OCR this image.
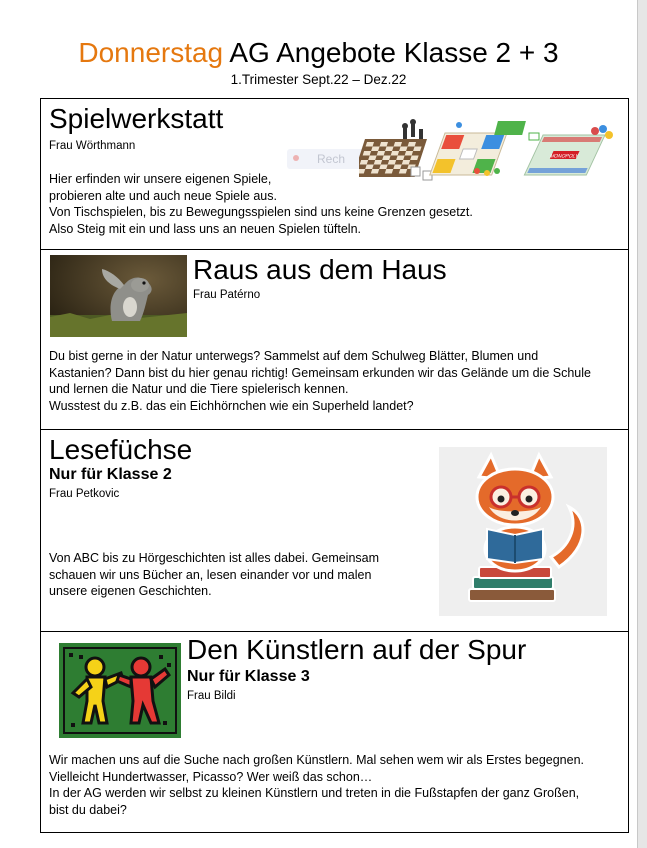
Donnerstag AG Angebote Klasse 2 + 3
1.Trimester Sept.22 – Dez.22
Spielwerkstatt
Frau Wörthmann
Rech	MONOPOLY
Hier erfinden wir unsere eigenen Spiele,
probieren alte und auch neue Spiele aus.
Von Tischspielen, bis zu Bewegungsspielen sind uns keine Grenzen gesetzt.
Also Steig mit ein und lass uns an neuen Spielen tüfteln.
Raus aus dem Haus
Frau Patérno
Du bist gerne in der Natur unterwegs? Sammelst auf dem Schulweg Blätter, Blumen und
Kastanien? Dann bist du hier genau richtig! Gemeinsam erkunden wir das Gelände um die Schule
und lernen die Natur und die Tiere spielerisch kennen.
Wusstest du z.B. das ein Eichhörnchen wie ein Superheld landet?
Lesefüchse
Nur für Klasse 2
Frau Petkovic
Von ABC bis zu Hörgeschichten ist alles dabei. Gemeinsam
schauen wir uns Bücher an, lesen einander vor und malen
unsere eigenen Geschichten.
Den Künstlern auf der Spur
Nur für Klasse 3
Frau Bildi
Wir machen uns auf die Suche nach großen Künstlern. Mal sehen wem wir als Erstes begegnen.
Vielleicht Hundertwasser, Picasso? Wer weiß das schon…
In der AG werden wir selbst zu kleinen Künstlern und treten in die Fußstapfen der ganz Großen,
bist du dabei?
